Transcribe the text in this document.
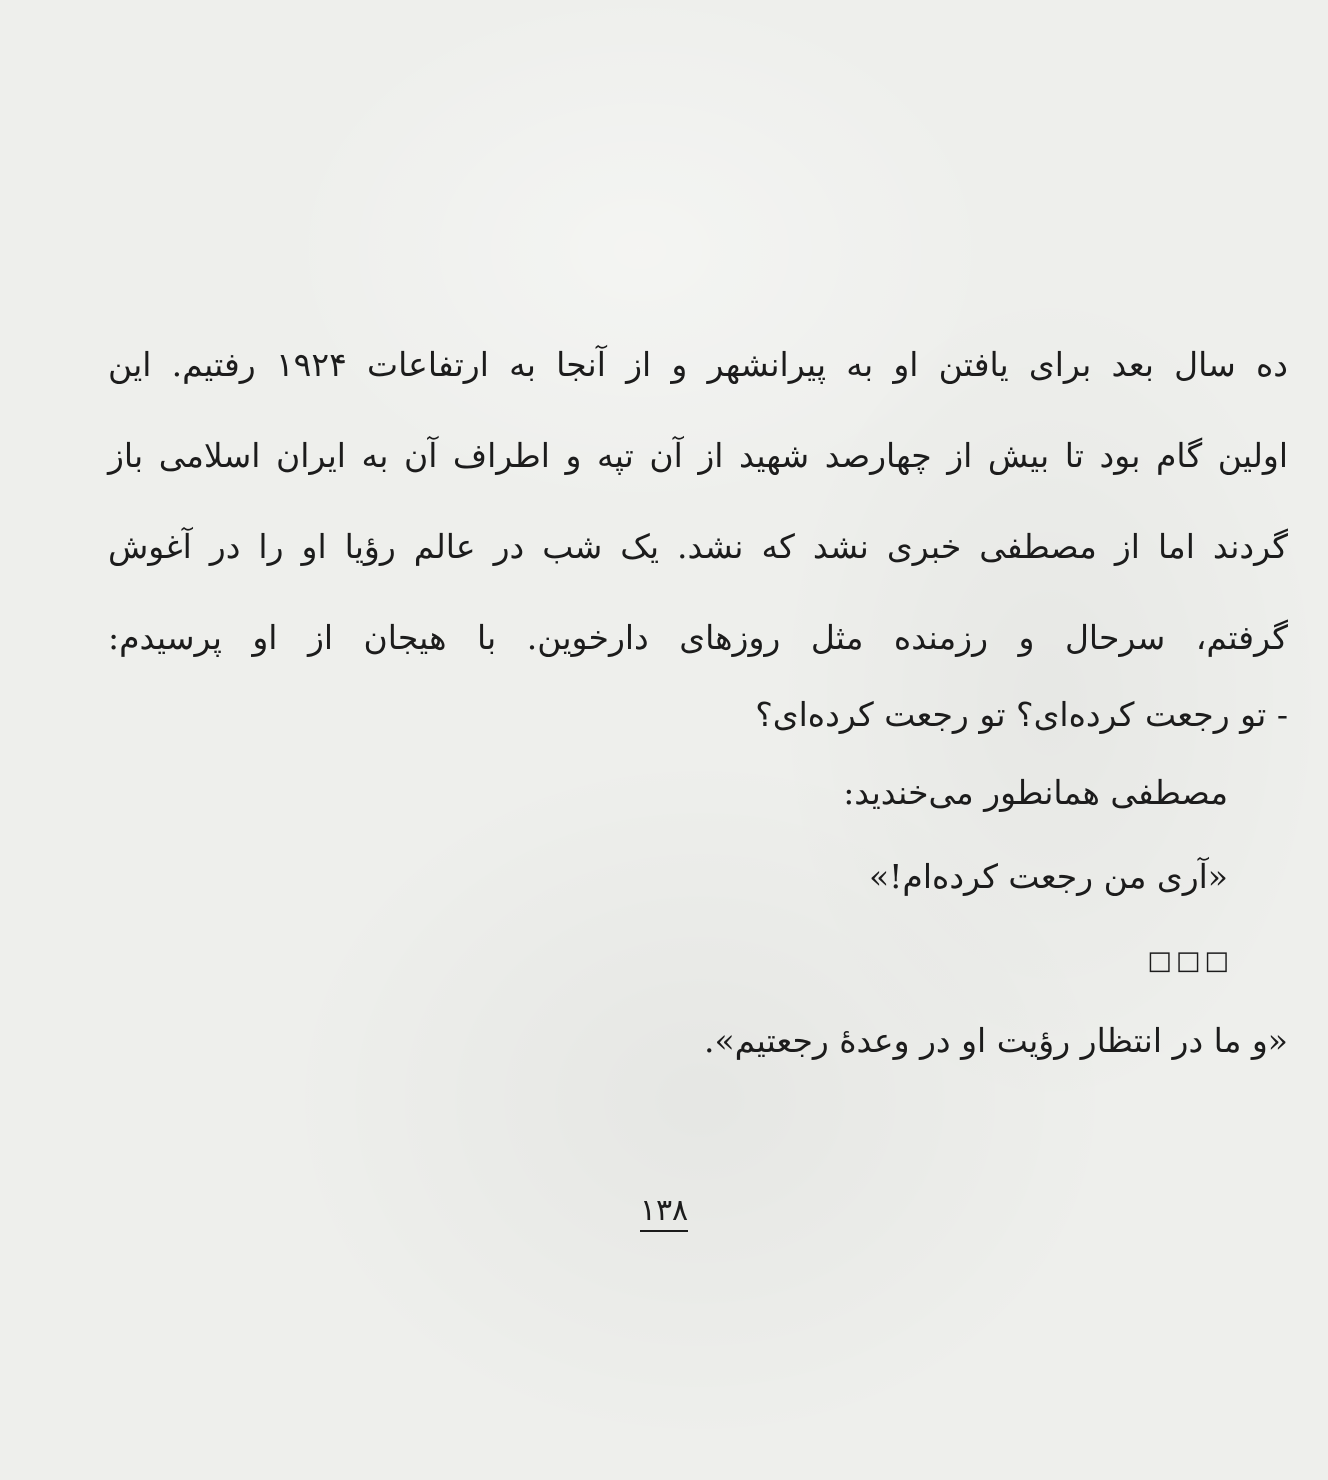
ده سال بعد برای یافتن او به پیرانشهر و از آنجا به ارتفاعات ۱۹۲۴ رفتیم. این
اولین گام بود تا بیش از چهارصد شهید از آن تپه و اطراف آن به ایران اسلامی باز
گردند اما از مصطفی خبری نشد که نشد. یک شب در عالم رؤیا او را در آغوش
گرفتم، سرحال و رزمنده مثل روزهای دارخوین. با هیجان از او پرسیدم:
- تو رجعت کرده‌ای؟ تو رجعت کرده‌ای؟
مصطفی همانطور می‌خندید:
«آری من رجعت کرده‌ام!»
□□□
«و ما در انتظار رؤیت او در وعدهٔ رجعتیم».
۱۳۸
